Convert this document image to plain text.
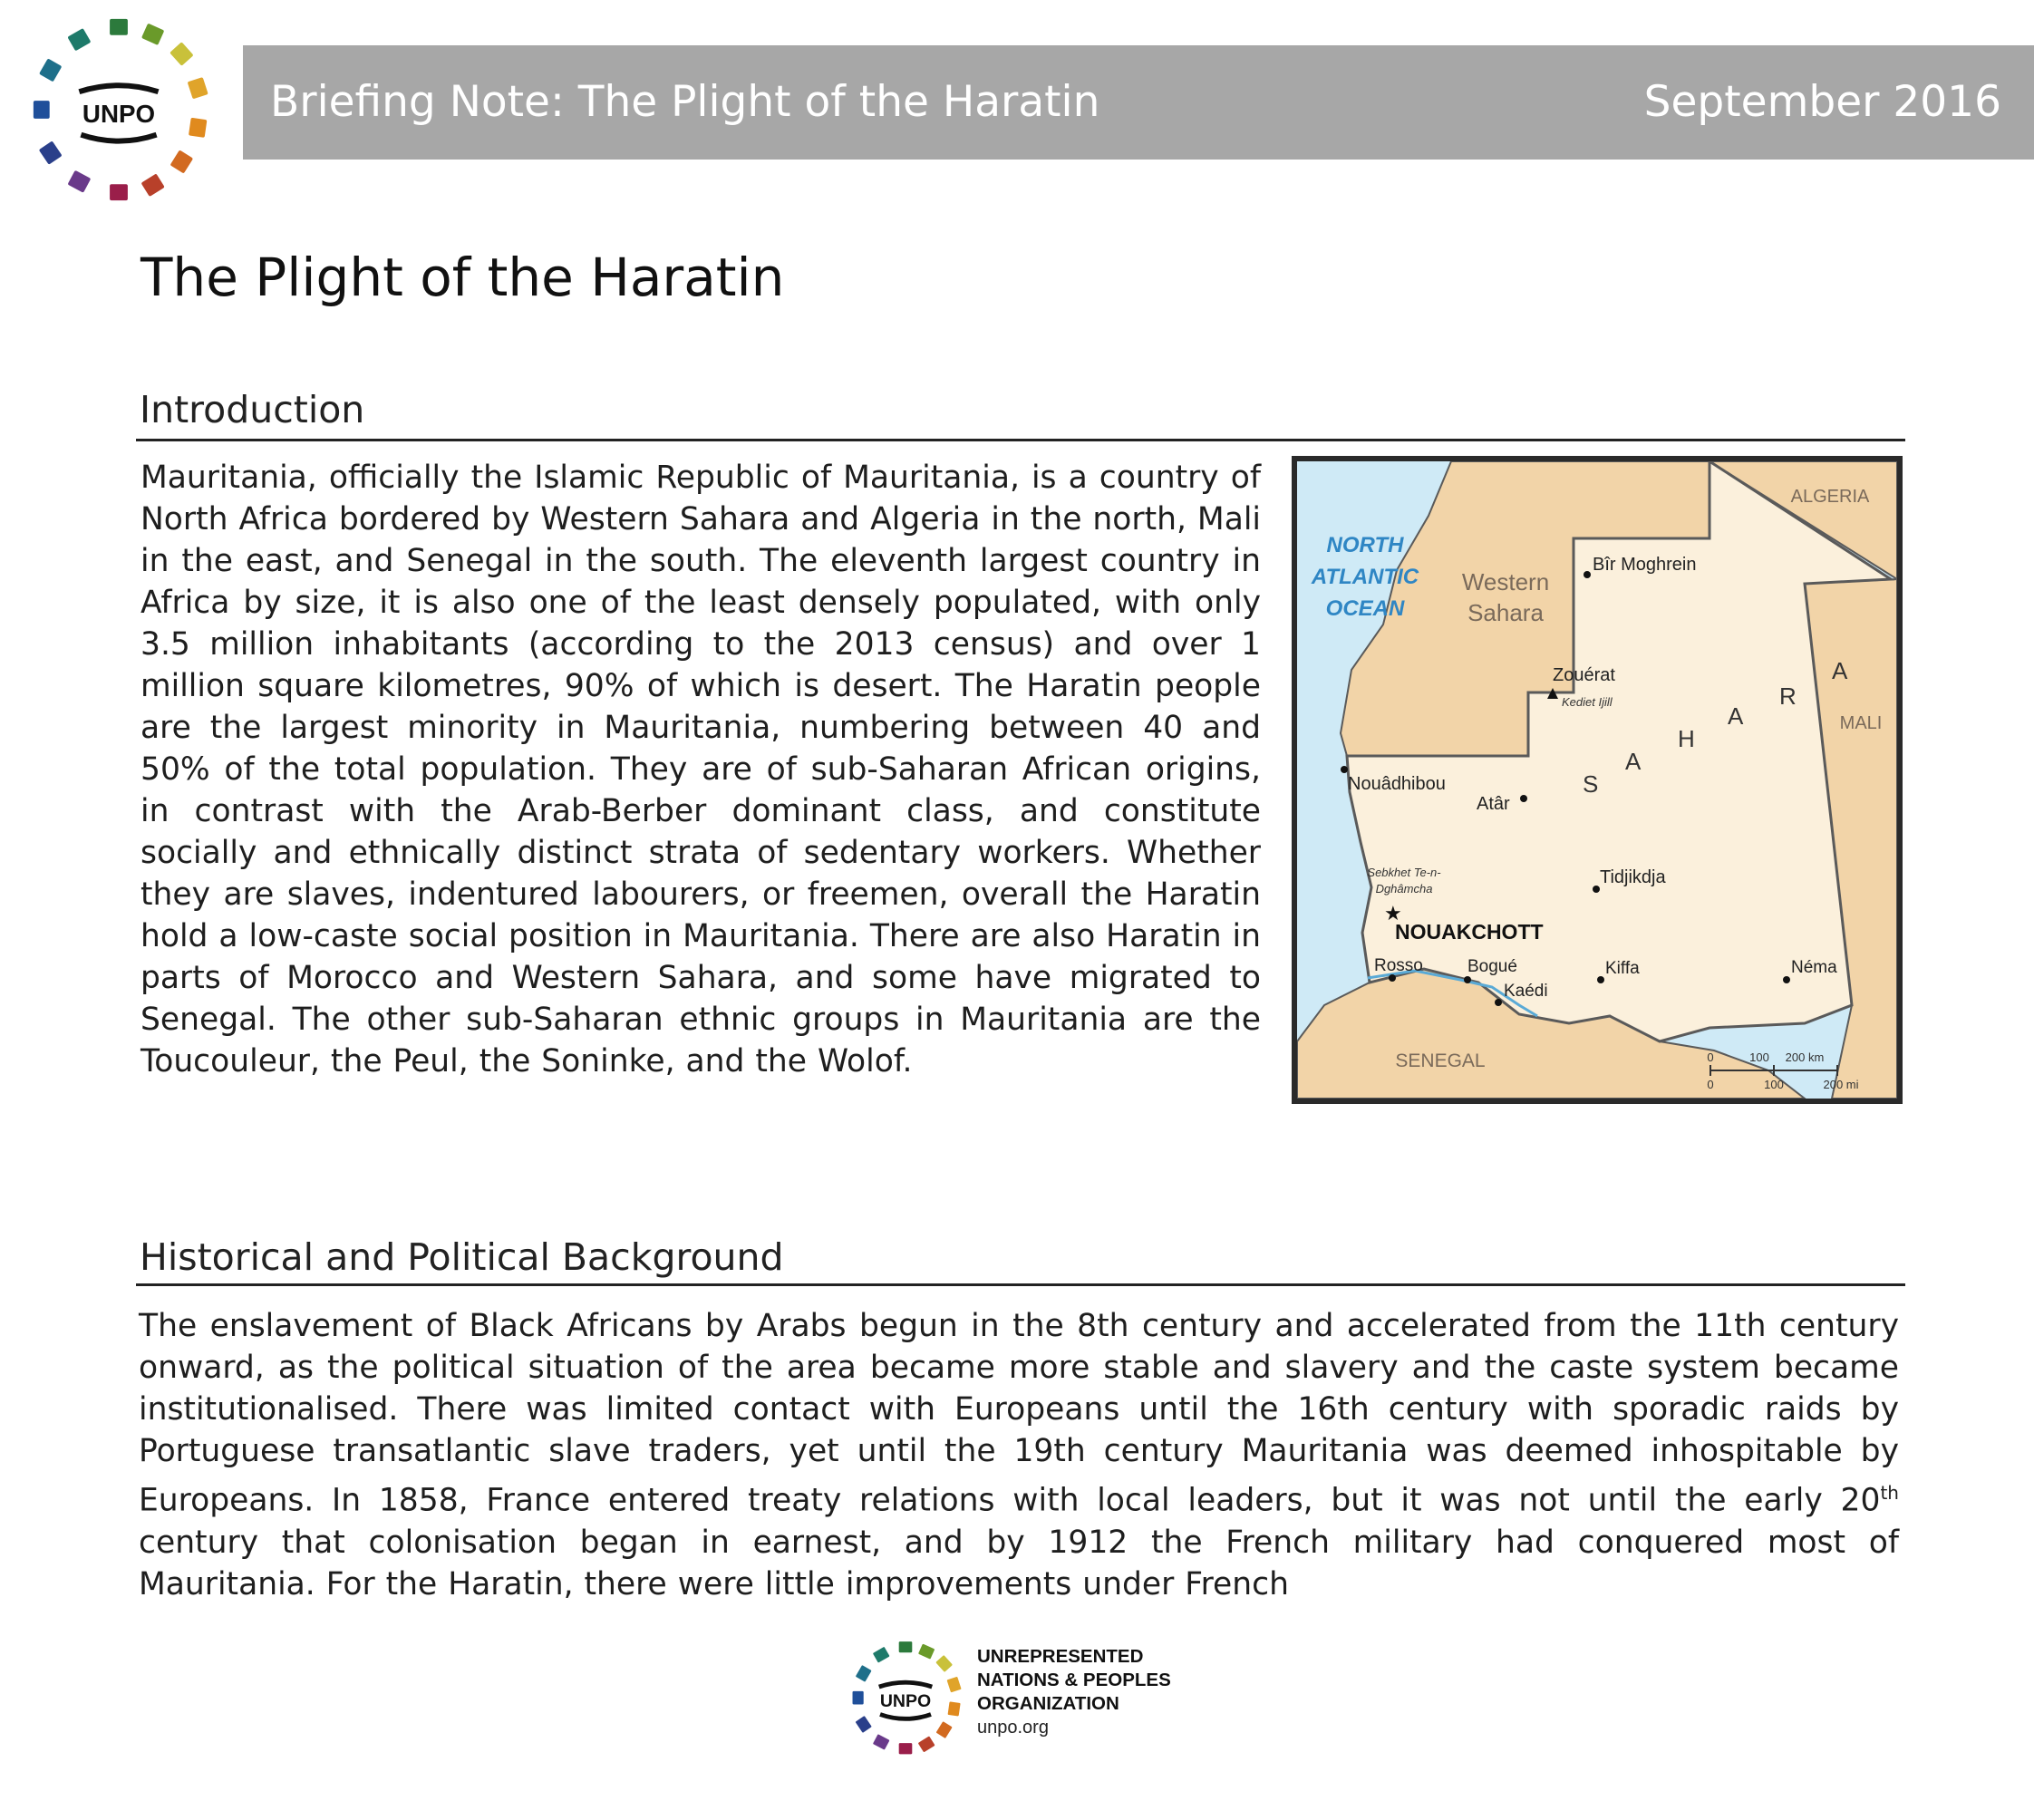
UNPO	Briefing Note: The Plight of the Haratin	September 2016
The Plight of the Haratin
Introduction

Mauritania, officially the Islamic Republic of Mauritania, is a country of North Africa bordered by Western Sahara and Algeria in the north, Mali in the east, and Senegal in the south. The eleventh largest country in Africa by size, it is also one of the least densely populated, with only 3.5 million inhabitants (according to the 2013 census) and over 1 million square kilometres, 90% of which is desert. The Haratin people are the largest minority in Mauritania, numbering between 40 and 50% of the total population. They are of sub-Saharan African origins, in contrast with the Arab-Berber dominant class, and constitute socially and ethnically distinct strata of sedentary workers. Whether they are slaves, indentured labourers, or freemen, overall the Haratin hold a low-caste social position in Mauritania. There are also Haratin in parts of Morocco and Western Sahara, and some have migrated to Senegal. The other sub-Saharan ethnic groups in Mauritania are the Toucouleur, the Peul, the Soninke, and the Wolof.

NORTH
ATLANTIC
OCEAN
Western
Sahara
ALGERIA
MALI
SENEGAL
S
A
H
A
R
A
Bîr Moghrein
Zouérat
Kediet Ijill
Nouâdhibou
Atâr
Sebkhet Te-n-
Dghâmcha
Tidjikdja
★
NOUAKCHOTT
Rosso	Bogué
Kaédi
Kiffa	Néma
0	100 200 km
0	100	200 mi
Historical and Political Background

The enslavement of Black Africans by Arabs begun in the 8th century and accelerated from the 11th century onward, as the political situation of the area became more stable and slavery and the caste system became institutionalised. There was limited contact with Europeans until the 16th century with sporadic raids by Portuguese transatlantic slave traders, yet until the 19th century Mauritania was deemed inhospitable by Europeans. In 1858, France entered treaty relations with local leaders, but it was not until the early 20th century that colonisation began in earnest, and by 1912 the French military had conquered most of Mauritania. For the Haratin, there were little improvements under French

UNPO
UNREPRESENTED
NATIONS & PEOPLES
ORGANIZATION
unpo.org
